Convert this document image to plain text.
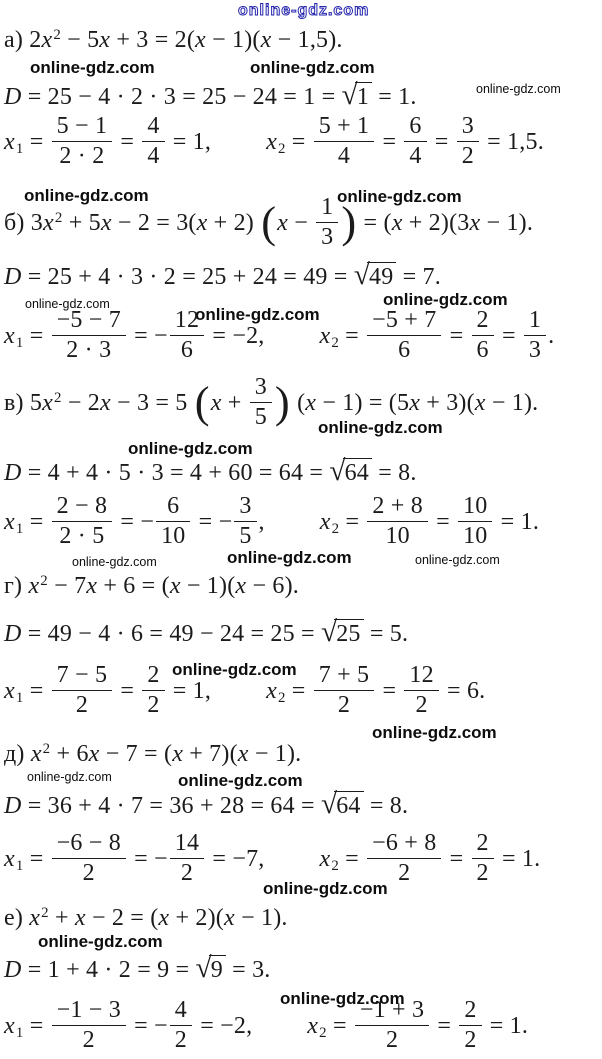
online-gdz.com
online-gdz.com	online-gdz.com
online-gdz.com
online-gdz.com	online-gdz.com
online-gdz.com
online-gdz.com
online-gdz.com
online-gdz.com
online-gdz.com
online-gdz.com	online-gdz.com	online-gdz.com
online-gdz.com
online-gdz.com
online-gdz.com	online-gdz.com
online-gdz.com
online-gdz.com
online-gdz.com
а) $2x^2 - 5x + 3 = 2(x - 1)(x - 1,5)$.
D = 25 − 4 · 2 · 3 = 25 − 24 = 1 = √1 = 1.
$x1 = \frac{5 - 1}{2 \cdot 2} = \frac{4}{4} = 1$, $x2 = \frac{5 + 1}{4} = \frac{6}{4} = \frac{3}{2} = 1,5$.
б) $3x^2 + 5x - 2 = 3(x + 2) (x - \frac{1}{3}$ ) = (x + 2)(3x − 1).
D = 25 + 4 · 3 · 2 = 25 + 24 = 49 = √49 = 7.
$x1 = \frac{-5 - 7}{2 \cdot 3}$ = − $\frac{12}{6} = -2$, $x2 = \frac{-5 + 7}{6} = \frac{2}{6} = \frac{1}{3}$ .
в) $5x^2 - 2x - 3 = 5$ ($x + \frac{3}{5}$ ) (x − 1) = (5x + 3)(x − 1).
D = 4 + 4 · 5 · 3 = 4 + 60 = 64 = √64 = 8.
$x1 = \frac{2 - 8}{2 \cdot 5}$ = − $\frac{6}{10}$ = − $\frac{3}{5}$ , $x2 = \frac{2 + 8}{10} = \frac{10}{10} = 1$.
г) $x^2 - 7x + 6 = (x - 1)(x - 6)$.
D = 49 − 4 · 6 = 49 − 24 = 25 = √25 = 5.
$x1 = \frac{7 - 5}{2} = \frac{2}{2} = 1$, $x2 = \frac{7 + 5}{2} = \frac{12}{2} = 6$.
д) $x^2 + 6x - 7 = (x + 7)(x - 1)$.
D = 36 + 4 · 7 = 36 + 28 = 64 = √64 = 8.
$x1 = \frac{-6 - 8}{2}$ = − $\frac{14}{2} = -7$, $x2 = \frac{-6 + 8}{2} = \frac{2}{2} = 1$.
е) $x^2 + x - 2 = (x + 2)(x - 1)$.
D = 1 + 4 · 2 = 9 = √9 = 3.
$x1 = \frac{-1 - 3}{2}$ = − $\frac{4}{2} = -2$, $x2 = \frac{-1 + 3}{2} = \frac{2}{2} = 1$.
